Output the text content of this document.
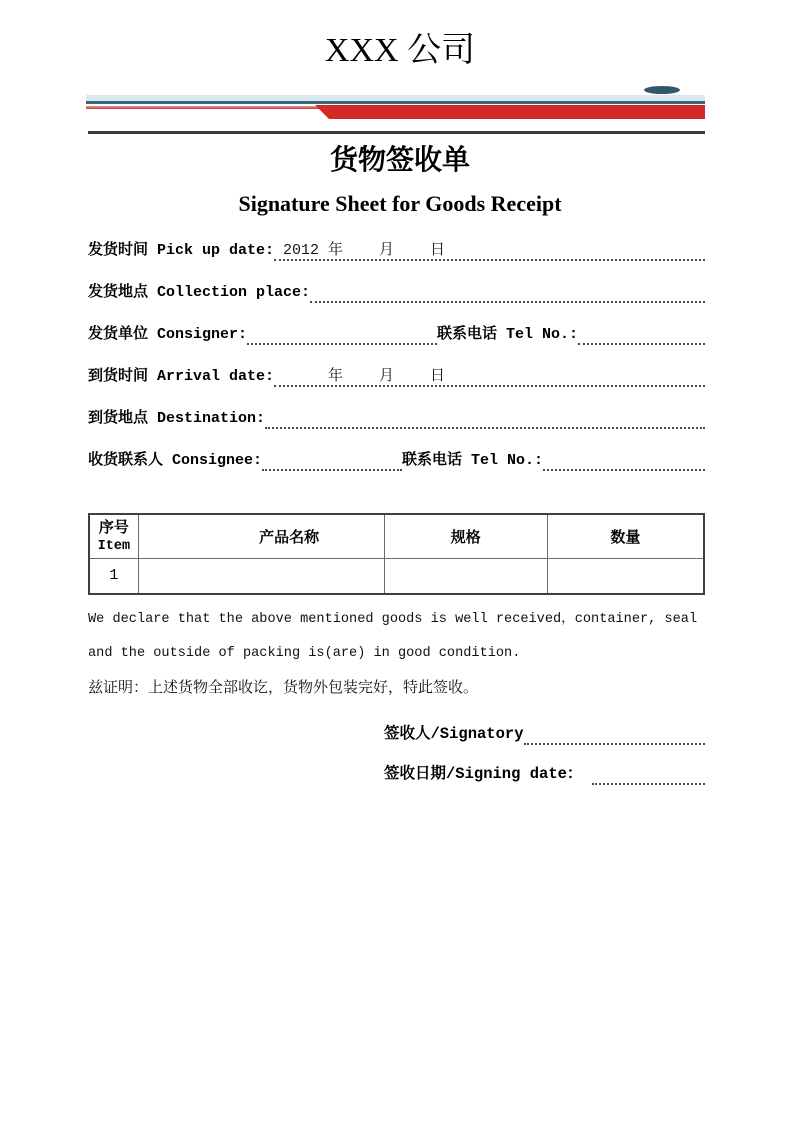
XXX 公司
货物签收单
Signature Sheet for Goods Receipt
发货时间 Pick up date: 2012 年    月    日
发货地点 Collection place:
发货单位 Consigner:	联系电话 Tel No.:
到货时间 Arrival date: 年    月    日
到货地点 Destination:
收货联系人 Consignee:	联系电话 Tel No.:
序号
Item	产品名称	规格	数量
1			

We declare that the above mentioned goods is well received，container, seal and the outside of packing is(are) in good condition.

兹证明：上述货物全部收讫，货物外包装完好，特此签收。

签收人/Signatory
签收日期/Signing date：
